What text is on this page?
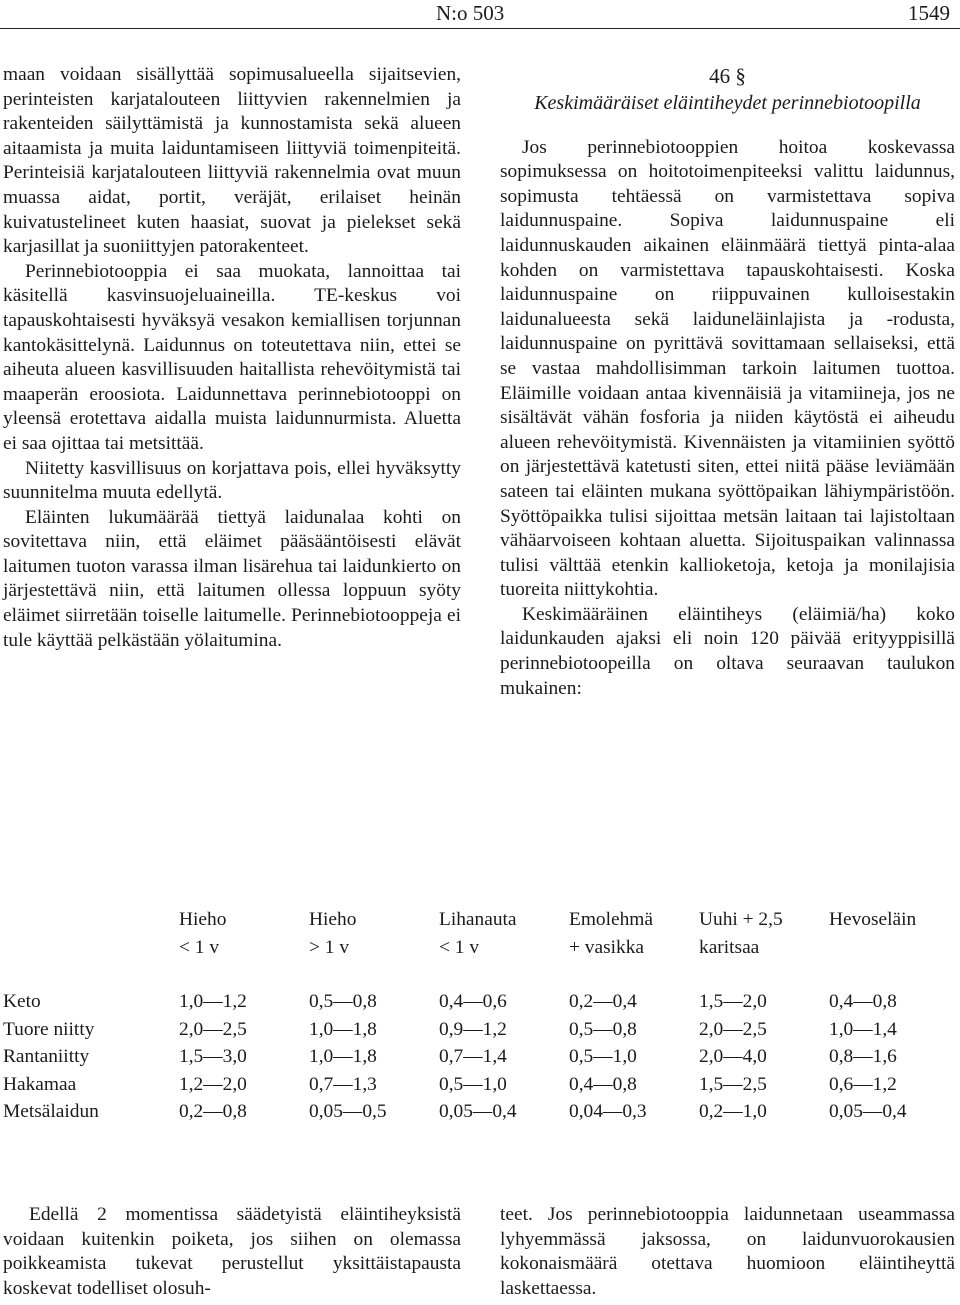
N:o 503	1549

maan voidaan sisällyttää sopimusalueella sijaitsevien, perinteisten karjatalouteen liittyvien rakennelmien ja rakenteiden säilyttämistä ja kunnostamista sekä alueen aitaamista ja muita laiduntamiseen liittyviä toimenpiteitä. Perinteisiä karjatalouteen liittyviä rakennelmia ovat muun muassa aidat, portit, veräjät, erilaiset heinän kuivatustelineet kuten haasiat, suovat ja pielekset sekä karjasillat ja suoniittyjen patorakenteet.

Perinnebiotooppia ei saa muokata, lannoittaa tai käsitellä kasvinsuojeluaineilla. TE-keskus voi tapauskohtaisesti hyväksyä vesakon kemiallisen torjunnan kantokäsittelynä. Laidunnus on toteutettava niin, ettei se aiheuta alueen kasvillisuuden haitallista rehevöitymistä tai maaperän eroosiota. Laidunnettava perinnebiotooppi on yleensä erotettava aidalla muista laidunnurmista. Aluetta ei saa ojittaa tai metsittää.

Niitetty kasvillisuus on korjattava pois, ellei hyväksytty suunnitelma muuta edellytä.

Eläinten lukumäärää tiettyä laidunalaa kohti on sovitettava niin, että eläimet pääsääntöisesti elävät laitumen tuoton varassa ilman lisärehua tai laidunkierto on järjestettävä niin, että laitumen ollessa loppuun syöty eläimet siirretään toiselle laitumelle. Perinnebiotooppeja ei tule käyttää pelkästään yölaitumina.

46 §
Keskimääräiset eläintiheydet perinnebiotoopilla

Jos perinnebiotooppien hoitoa koskevassa sopimuksessa on hoitotoimenpiteeksi valittu laidunnus, sopimusta tehtäessä on varmistettava sopiva laidunnuspaine. Sopiva laidunnuspaine eli laidunnuskauden aikainen eläinmäärä tiettyä pinta-alaa kohden on varmistettava tapauskohtaisesti. Koska laidunnuspaine on riippuvainen kulloisestakin laidunalueesta sekä laiduneläinlajista ja -rodusta, laidunnuspaine on pyrittävä sovittamaan sellaiseksi, että se vastaa mahdollisimman tarkoin laitumen tuottoa. Eläimille voidaan antaa kivennäisiä ja vitamiineja, jos ne sisältävät vähän fosforia ja niiden käytöstä ei aiheudu alueen rehevöitymistä. Kivennäisten ja vitamiinien syöttö on järjestettävä katetusti siten, ettei niitä pääse leviämään sateen tai eläinten mukana syöttöpaikan lähiympäristöön. Syöttöpaikka tulisi sijoittaa metsän laitaan tai lajistoltaan vähäarvoiseen kohtaan aluetta. Sijoituspaikan valinnassa tulisi välttää etenkin kallioketoja, ketoja ja monilajisia tuoreita niittykohtia.

Keskimääräinen eläintiheys (eläimiä/ha) koko laidunkauden ajaksi eli noin 120 päivää erityyppisillä perinnebiotoopeilla on oltava seuraavan taulukon mukainen:

	Hieho	Hieho	Lihanauta	Emolehmä	Uuhi + 2,5	Hevoseläin
	< 1 v	> 1 v	< 1 v	+ vasikka	karitsaa	

Keto	1,0—1,2	0,5—0,8	0,4—0,6	0,2—0,4	1,5—2,0	0,4—0,8
Tuore niitty	2,0—2,5	1,0—1,8	0,9—1,2	0,5—0,8	2,0—2,5	1,0—1,4
Rantaniitty	1,5—3,0	1,0—1,8	0,7—1,4	0,5—1,0	2,0—4,0	0,8—1,6
Hakamaa	1,2—2,0	0,7—1,3	0,5—1,0	0,4—0,8	1,5—2,5	0,6—1,2
Metsälaidun	0,2—0,8	0,05—0,5	0,05—0,4	0,04—0,3	0,2—1,0	0,05—0,4

Edellä 2 momentissa säädetyistä eläintiheyksistä voidaan kuitenkin poiketa, jos siihen on olemassa poikkeamista tukevat perustellut yksittäistapausta koskevat todelliset olosuh-

teet. Jos perinnebiotooppia laidunnetaan useammassa lyhyemmässä jaksossa, on laidunvuorokausien kokonaismäärä otettava huomioon eläintiheyttä laskettaessa.
